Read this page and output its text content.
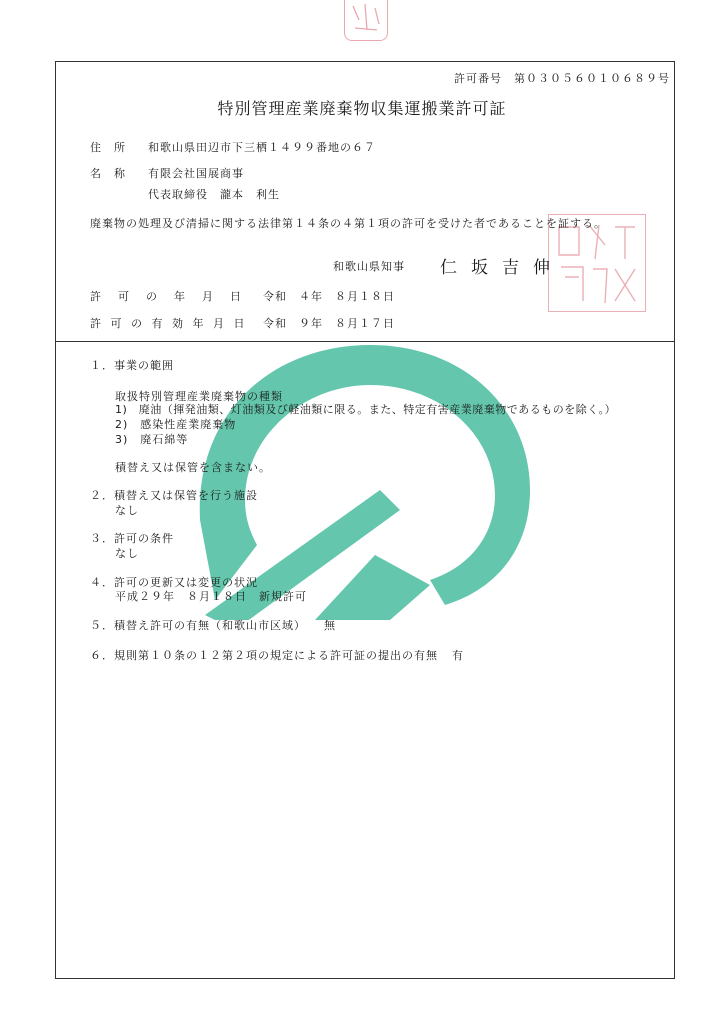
許可番号　第０３０５６０１０６８９号
特別管理産業廃棄物収集運搬業許可証
住　所 和歌山県田辺市下三栖１４９９番地の６７
名　称 有限会社国展商事
代表取締役　瀧本　利生
廃棄物の処理及び清掃に関する法律第１４条の４第１項の許可を受けた者であることを証する。
和歌山県知事 仁坂吉伸
許　可　の　年　月　日 令和　４年　８月１８日
許 可 の 有 効 年 月 日 令和　９年　８月１７日
１．事業の範囲
取扱特別管理産業廃棄物の種類
1)　廃油（揮発油類、灯油類及び軽油類に限る。また、特定有害産業廃棄物であるものを除く。）
2)　感染性産業廃棄物
3)　廃石綿等
積替え又は保管を含まない。
２．積替え又は保管を行う施設
なし
３．許可の条件
なし
４．許可の更新又は変更の状況
平成２９年　８月１８日　新規許可
５．積替え許可の有無（和歌山市区域） 無
６．規則第１０条の１２第２項の規定による許可証の提出の有無 有
